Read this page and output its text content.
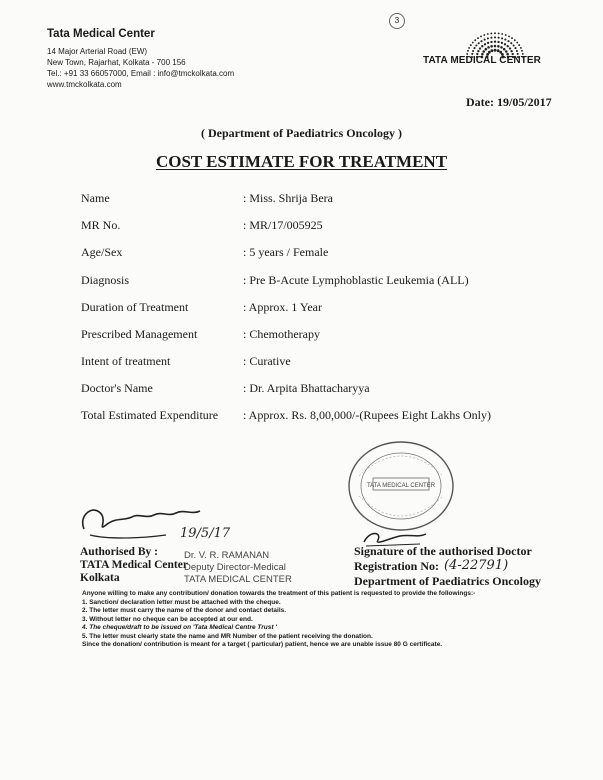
Tata Medical Center
14 Major Arterial Road (EW)
New Town, Rajarhat, Kolkata - 700 156
Tel.: +91 33 66057000, Email : info@tmckolkata.com
www.tmckolkata.com
3
TATA MEDICAL CENTER
Date: 19/05/2017
( Department of Paediatrics Oncology )
COST ESTIMATE FOR TREATMENT
Name	: Miss. Shrija Bera
MR No.	: MR/17/005925
Age/Sex	: 5 years / Female
Diagnosis	: Pre B-Acute Lymphoblastic Leukemia (ALL)
Duration of Treatment	: Approx. 1 Year
Prescribed Management	: Chemotherapy
Intent of treatment	: Curative
Doctor's Name	: Dr. Arpita Bhattacharyya
Total Estimated Expenditure : Approx. Rs. 8,00,000/-(Rupees Eight Lakhs Only)
TATA MEDICAL CENTER
19/5/17
Authorised By :
TATA Medical Center
Kolkata
Dr. V. R. RAMANAN
Deputy Director-Medical
TATA MEDICAL CENTER
Signature of the authorised Doctor
Registration No: (4-22791)
Department of Paediatrics Oncology
Anyone willing to make any contribution/ donation towards the treatment of this patient is requested to provide the followings:-
1. Sanction/ declaration letter must be attached with the cheque.
2. The letter must carry the name of the donor and contact details.
3. Without letter no cheque can be accepted at our end.
4. The cheque/draft to be issued on 'Tata Medical Centre Trust '
5. The letter must clearly state the name and MR Number of the patient receiving the donation.
Since the donation/ contribution is meant for a target ( particular) patient, hence we are unable issue 80 G certificate.
